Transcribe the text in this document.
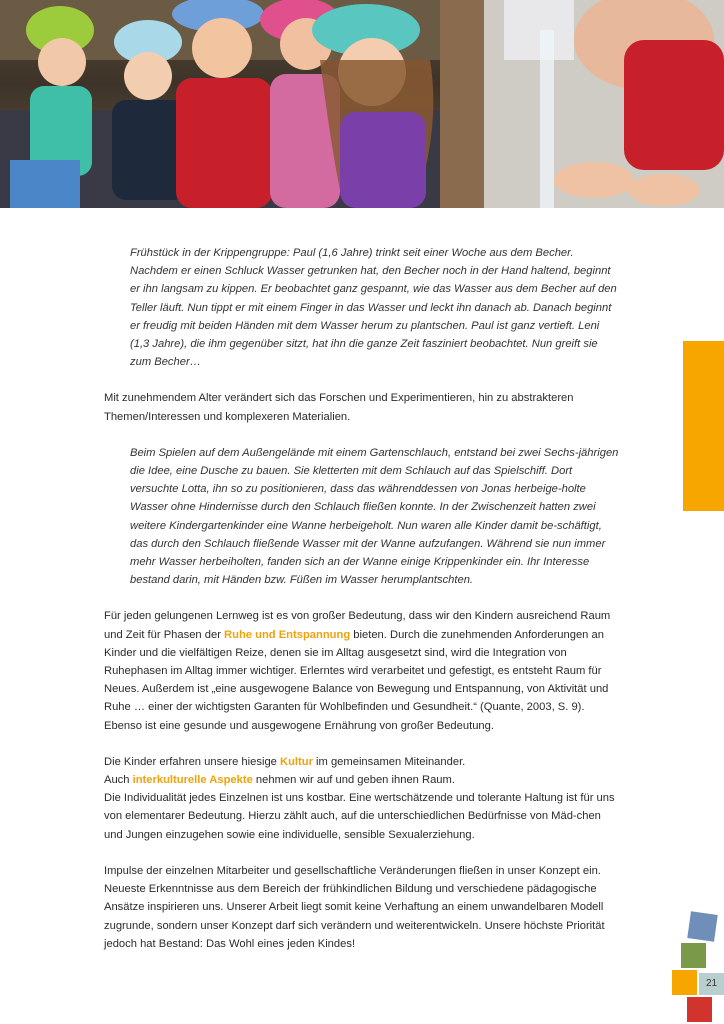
Frühstück in der Krippengruppe: Paul (1,6 Jahre) trinkt seit einer Woche aus dem Becher. Nachdem er einen Schluck Wasser getrunken hat, den Becher noch in der Hand haltend, beginnt er ihn langsam zu kippen. Er beobachtet ganz gespannt, wie das Wasser aus dem Becher auf den Teller läuft. Nun tippt er mit einem Finger in das Wasser und leckt ihn danach ab. Danach beginnt er freudig mit beiden Händen mit dem Wasser herum zu plantschen. Paul ist ganz vertieft. Leni (1,3 Jahre), die ihm gegenüber sitzt, hat ihn die ganze Zeit fasziniert beobachtet. Nun greift sie zum Becher…

Mit zunehmendem Alter verändert sich das Forschen und Experimentieren, hin zu abstrakteren Themen/Interessen und komplexeren Materialien.

Beim Spielen auf dem Außengelände mit einem Gartenschlauch, entstand bei zwei Sechs-jährigen die Idee, eine Dusche zu bauen. Sie kletterten mit dem Schlauch auf das Spielschiff. Dort versuchte Lotta, ihn so zu positionieren, dass das währenddessen von Jonas herbeige-holte Wasser ohne Hindernisse durch den Schlauch fließen konnte. In der Zwischenzeit hatten zwei weitere Kindergartenkinder eine Wanne herbeigeholt. Nun waren alle Kinder damit be-schäftigt, das durch den Schlauch fließende Wasser mit der Wanne aufzufangen. Während sie nun immer mehr Wasser herbeiholten, fanden sich an der Wanne einige Krippenkinder ein. Ihr Interesse bestand darin, mit Händen bzw. Füßen im Wasser herumplantschten.

Für jeden gelungenen Lernweg ist es von großer Bedeutung, dass wir den Kindern ausreichend Raum und Zeit für Phasen der Ruhe und Entspannung bieten. Durch die zunehmenden Anforderungen an Kinder und die vielfältigen Reize, denen sie im Alltag ausgesetzt sind, wird die Integration von Ruhephasen im Alltag immer wichtiger. Erlerntes wird verarbeitet und gefestigt, es entsteht Raum für Neues. Außerdem ist „eine ausgewogene Balance von Bewegung und Entspannung, von Aktivität und Ruhe … einer der wichtigsten Garanten für Wohlbefinden und Gesundheit.“ (Quante, 2003, S. 9). Ebenso ist eine gesunde und ausgewogene Ernährung von großer Bedeutung.

Die Kinder erfahren unsere hiesige Kultur im gemeinsamen Miteinander.
Auch interkulturelle Aspekte nehmen wir auf und geben ihnen Raum.
Die Individualität jedes Einzelnen ist uns kostbar. Eine wertschätzende und tolerante Haltung ist für uns von elementarer Bedeutung. Hierzu zählt auch, auf die unterschiedlichen Bedürfnisse von Mäd-chen und Jungen einzugehen sowie eine individuelle, sensible Sexualerziehung.

Impulse der einzelnen Mitarbeiter und gesellschaftliche Veränderungen fließen in unser Konzept ein. Neueste Erkenntnisse aus dem Bereich der frühkindlichen Bildung und verschiedene pädagogische Ansätze inspirieren uns. Unserer Arbeit liegt somit keine Verhaftung an einem unwandelbaren Modell zugrunde, sondern unser Konzept darf sich verändern und weiterentwickeln. Unsere höchste Priorität jedoch hat Bestand: Das Wohl eines jeden Kindes!

21
